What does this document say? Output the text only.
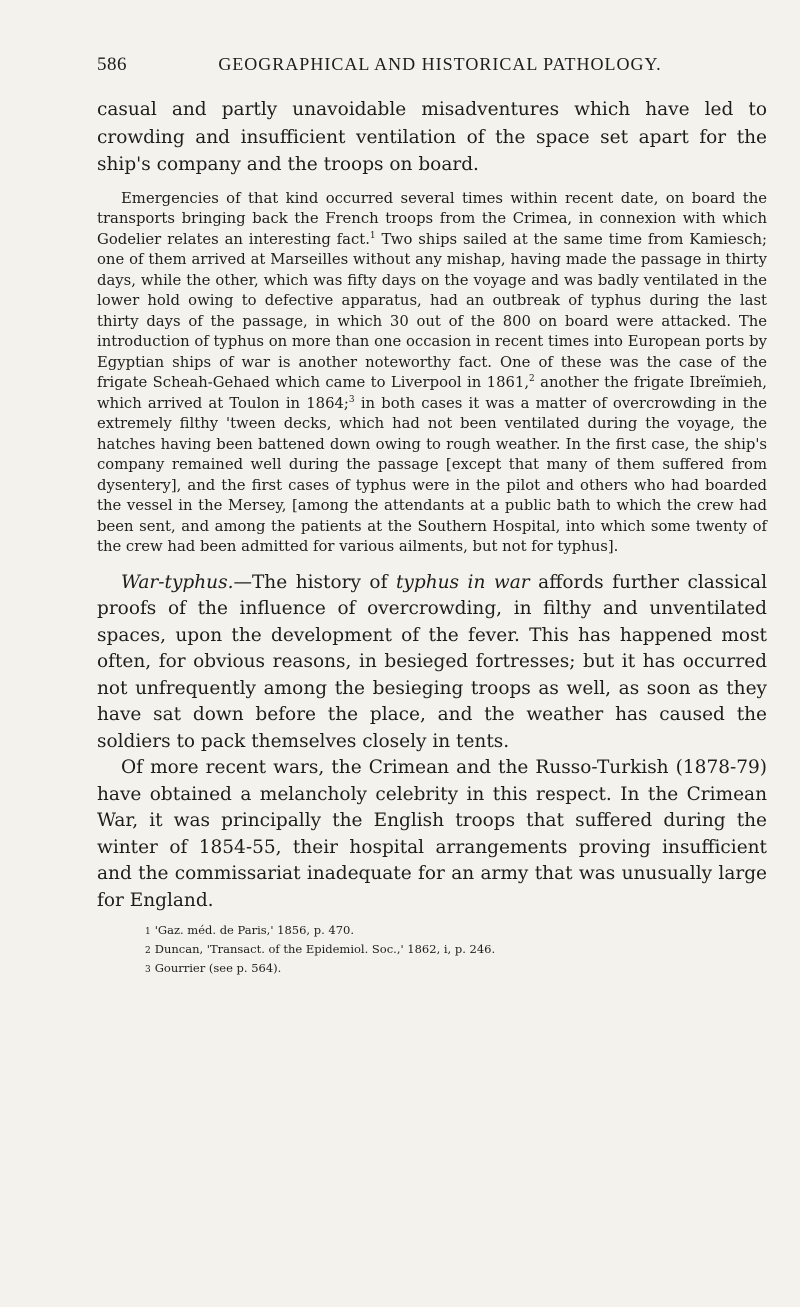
586	GEOGRAPHICAL AND HISTORICAL PATHOLOGY.

casual and partly unavoidable misadventures which have led to crowding and insufficient ventilation of the space set apart for the ship's company and the troops on board.

Emergencies of that kind occurred several times within recent date, on board the transports bringing back the French troops from the Crimea, in connexion with which Godelier relates an interesting fact.$^1$ Two ships sailed at the same time from Kamiesch; one of them arrived at Marseilles without any mishap, having made the passage in thirty days, while the other, which was fifty days on the voyage and was badly ventilated in the lower hold owing to defective apparatus, had an outbreak of typhus during the last thirty days of the passage, in which 30 out of the 800 on board were attacked. The introduction of typhus on more than one occasion in recent times into European ports by Egyptian ships of war is another noteworthy fact. One of these was the case of the frigate Scheah-Gehaed which came to Liverpool in 1861,$^2$ another the frigate Ibreïmieh, which arrived at Toulon in 1864;$^3$ in both cases it was a matter of overcrowding in the extremely filthy 'tween decks, which had not been ventilated during the voyage, the hatches having been battened down owing to rough weather. In the first case, the ship's company remained well during the passage [except that many of them suffered from dysentery], and the first cases of typhus were in the pilot and others who had boarded the vessel in the Mersey, [among the attendants at a public bath to which the crew had been sent, and among the patients at the Southern Hospital, into which some twenty of the crew had been admitted for various ailments, but not for typhus].

War-typhus.—The history of typhus in war affords further classical proofs of the influence of overcrowding, in filthy and unventilated spaces, upon the development of the fever. This has happened most often, for obvious reasons, in besieged fortresses; but it has occurred not unfrequently among the besieging troops as well, as soon as they have sat down before the place, and the weather has caused the soldiers to pack themselves closely in tents.

Of more recent wars, the Crimean and the Russo-Turkish (1878-79) have obtained a melancholy celebrity in this respect. In the Crimean War, it was principally the English troops that suffered during the winter of 1854-55, their hospital arrangements proving insufficient and the commissariat inadequate for an army that was unusually large for England.

1 'Gaz. méd. de Paris,' 1856, p. 470.

2 Duncan, 'Transact. of the Epidemiol. Soc.,' 1862, i, p. 246.

3 Gourrier (see p. 564).
